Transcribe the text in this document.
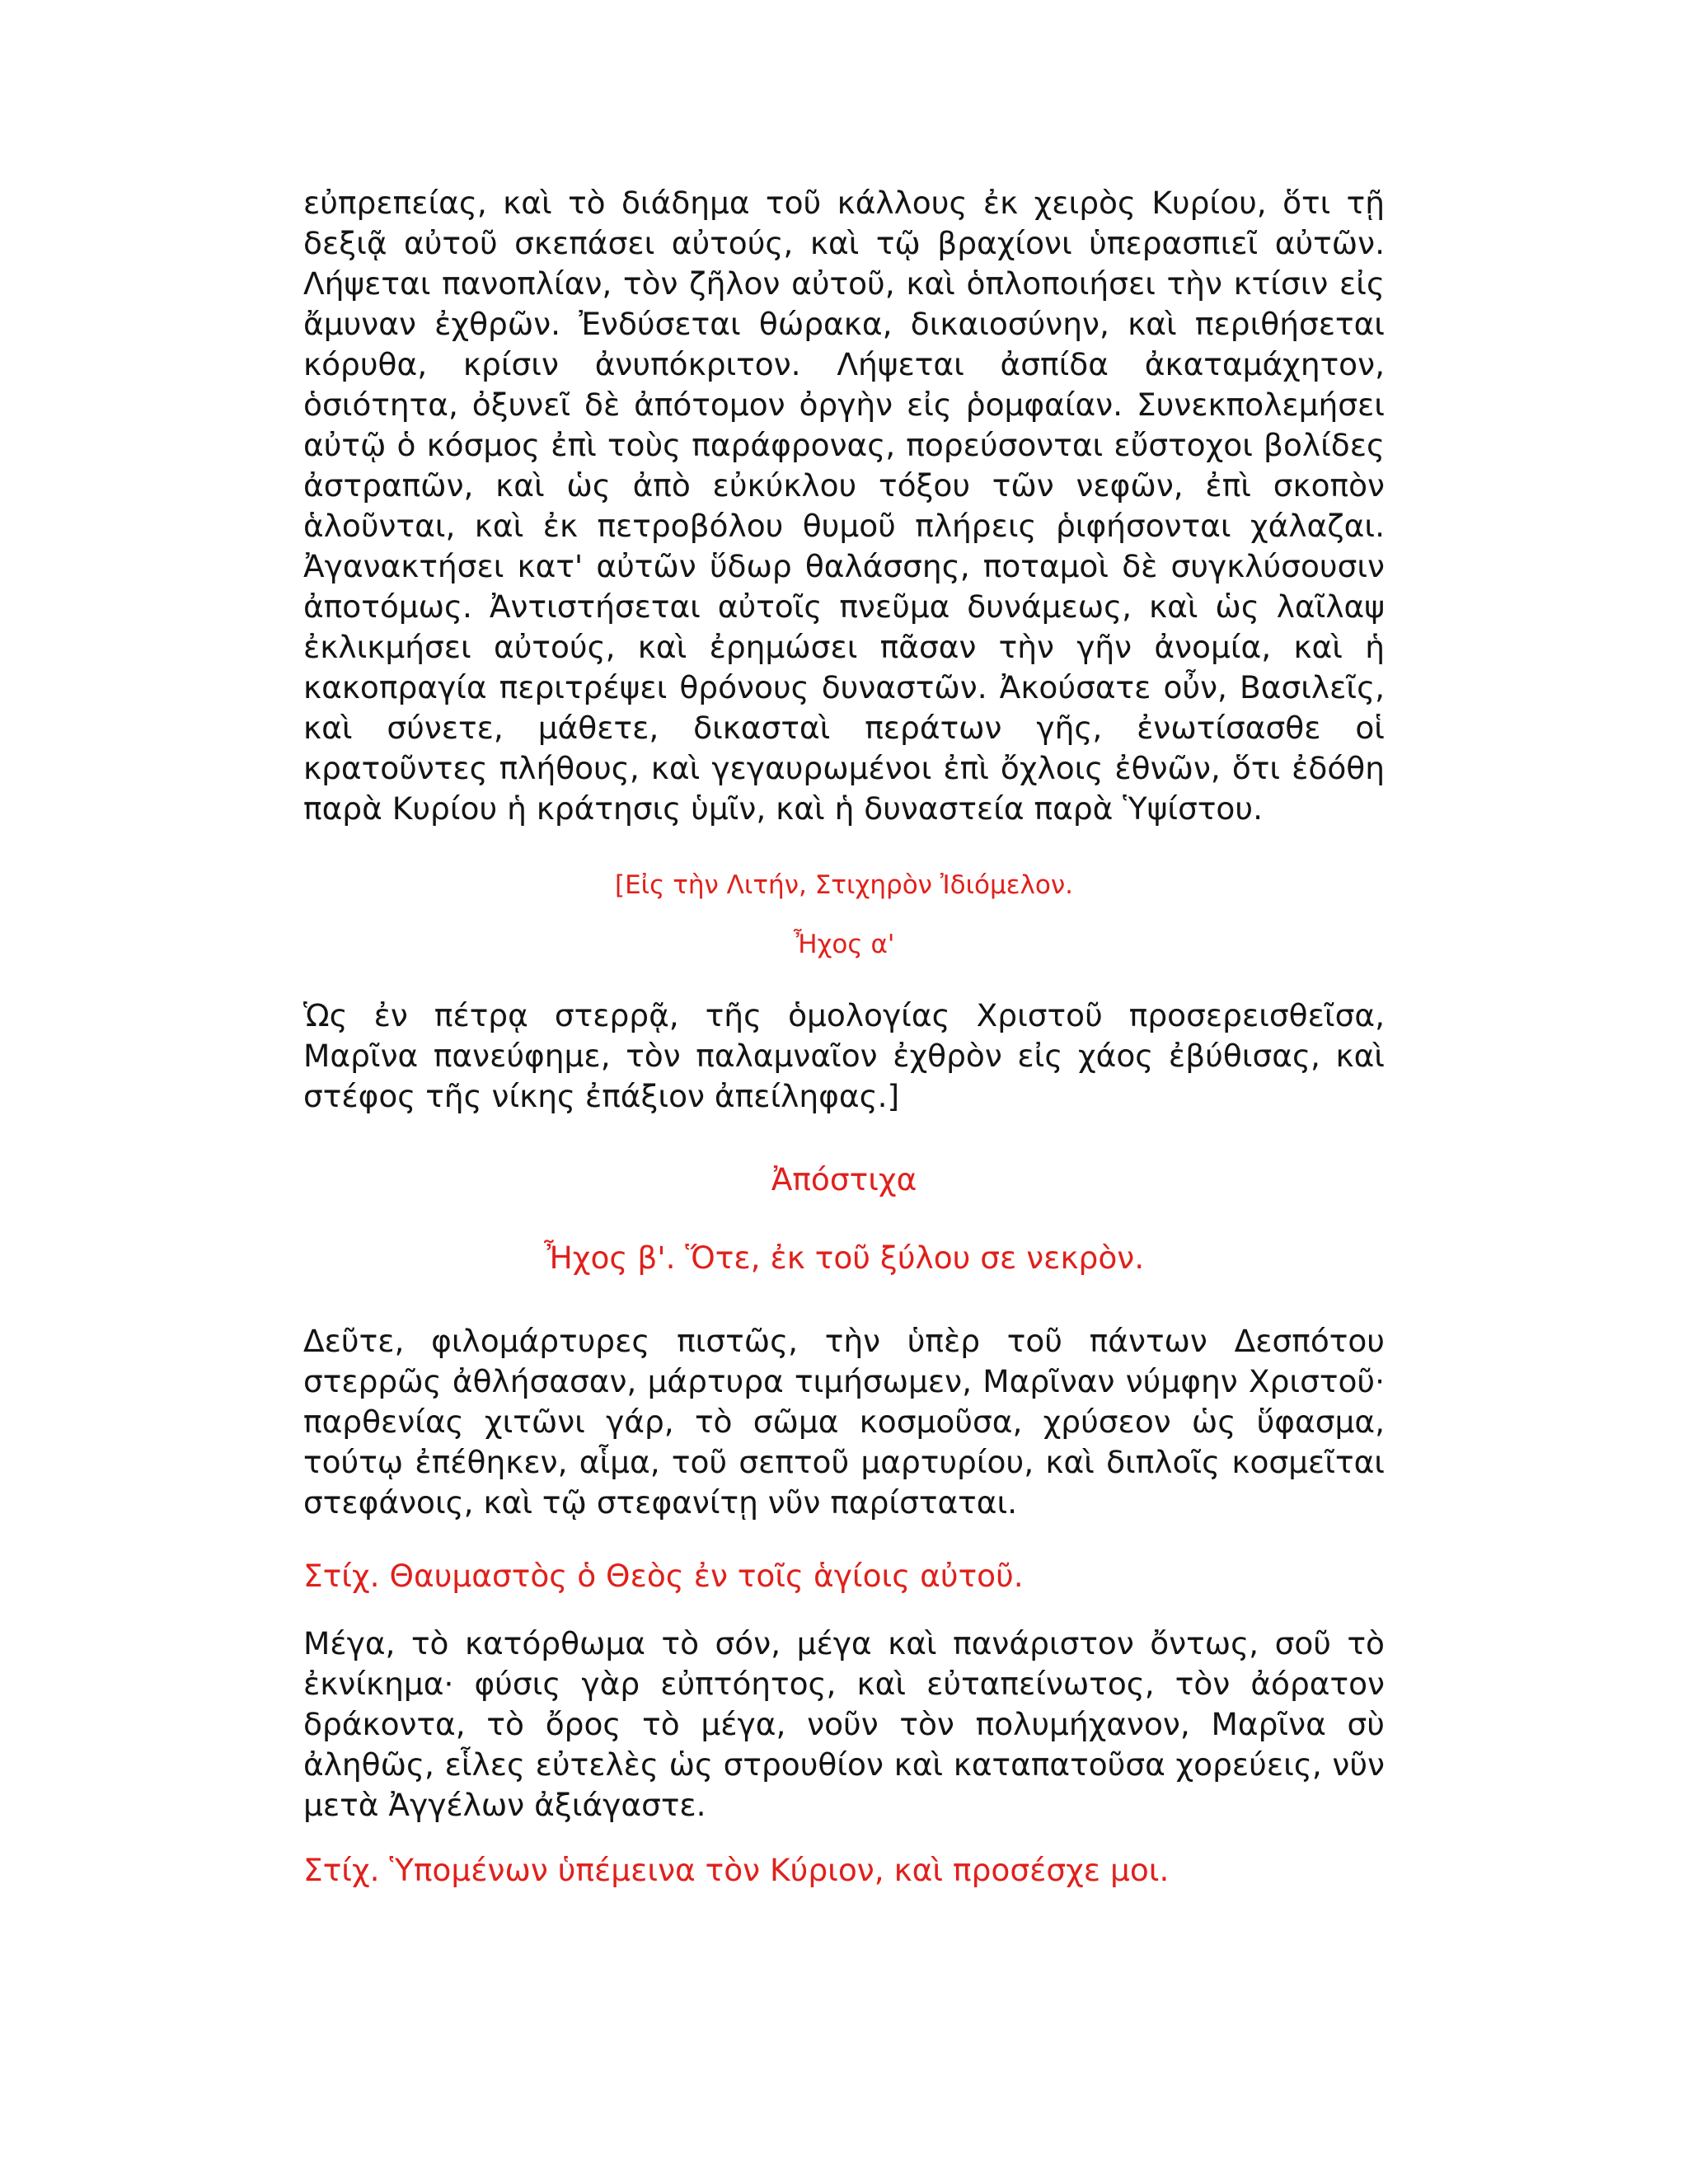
εὐπρεπείας, καὶ τὸ διάδημα τοῦ κάλλους ἐκ χειρὸς Κυρίου, ὅτι τῇ δεξιᾷ αὐτοῦ σκεπάσει αὐτούς, καὶ τῷ βραχίονι ὑπερασπιεῖ αὐτῶν. Λήψεται πανοπλίαν, τὸν ζῆλον αὐτοῦ, καὶ ὁπλοποιήσει τὴν κτίσιν εἰς ἄμυναν ἐχθρῶν. Ἐνδύσεται θώρακα, δικαιοσύνην, καὶ περιθήσεται κόρυθα, κρίσιν ἀνυπόκριτον. Λήψεται ἀσπίδα ἀκαταμάχητον, ὁσιότητα, ὀξυνεῖ δὲ ἀπότομον ὀργὴν εἰς ῥομφαίαν. Συνεκπολεμήσει αὐτῷ ὁ κόσμος ἐπὶ τοὺς παράφρονας, πορεύσονται εὔστοχοι βολίδες ἀστραπῶν, καὶ ὡς ἀπὸ εὐκύκλου τόξου τῶν νεφῶν, ἐπὶ σκοπὸν ἁλοῦνται, καὶ ἐκ πετροβόλου θυμοῦ πλήρεις ῥιφήσονται χάλαζαι. Ἀγανακτήσει κατ' αὐτῶν ὕδωρ θαλάσσης, ποταμοὶ δὲ συγκλύσουσιν ἀποτόμως. Ἀντιστήσεται αὐτοῖς πνεῦμα δυνάμεως, καὶ ὡς λαῖλαψ ἐκλικμήσει αὐτούς, καὶ ἐρημώσει πᾶσαν τὴν γῆν ἀνομία, καὶ ἡ κακοπραγία περιτρέψει θρόνους δυναστῶν. Ἀκούσατε οὖν, Βασιλεῖς, καὶ σύνετε, μάθετε, δικασταὶ περάτων γῆς, ἐνωτίσασθε οἱ κρατοῦντες πλήθους, καὶ γεγαυρωμένοι ἐπὶ ὄχλοις ἐθνῶν, ὅτι ἐδόθη παρὰ Κυρίου ἡ κράτησις ὑμῖν, καὶ ἡ δυναστεία παρὰ Ὑψίστου.

[Εἰς τὴν Λιτήν, Στιχηρὸν Ἰδιόμελον.

Ἦχος α'

Ὡς ἐν πέτρᾳ στερρᾷ, τῆς ὁμολογίας Χριστοῦ προσερεισθεῖσα, Μαρῖνα πανεύφημε, τὸν παλαμναῖον ἐχθρὸν εἰς χάος ἐβύθισας, καὶ στέφος τῆς νίκης ἐπάξιον ἀπείληφας.]

Ἀπόστιχα

Ἦχος β'. Ὅτε, ἐκ τοῦ ξύλου σε νεκρὸν.

Δεῦτε, φιλομάρτυρες πιστῶς, τὴν ὑπὲρ τοῦ πάντων Δεσπότου στερρῶς ἀθλήσασαν, μάρτυρα τιμήσωμεν, Μαρῖναν νύμφην Χριστοῦ· παρθενίας χιτῶνι γάρ, τὸ σῶμα κοσμοῦσα, χρύσεον ὡς ὕφασμα, τούτῳ ἐπέθηκεν, αἷμα, τοῦ σεπτοῦ μαρτυρίου, καὶ διπλοῖς κοσμεῖται στεφάνοις, καὶ τῷ στεφανίτῃ νῦν παρίσταται.

Στίχ. Θαυμαστὸς ὁ Θεὸς ἐν τοῖς ἁγίοις αὐτοῦ.

Μέγα, τὸ κατόρθωμα τὸ σόν, μέγα καὶ πανάριστον ὄντως, σοῦ τὸ ἐκνίκημα· φύσις γὰρ εὐπτόητος, καὶ εὐταπείνωτος, τὸν ἀόρατον δράκοντα, τὸ ὄρος τὸ μέγα, νοῦν τὸν πολυμήχανον, Μαρῖνα σὺ ἀληθῶς, εἷλες εὐτελὲς ὡς στρουθίον καὶ καταπατοῦσα χορεύεις, νῦν μετὰ Ἀγγέλων ἀξιάγαστε.

Στίχ. Ὑπομένων ὑπέμεινα τὸν Κύριον, καὶ προσέσχε μοι.
